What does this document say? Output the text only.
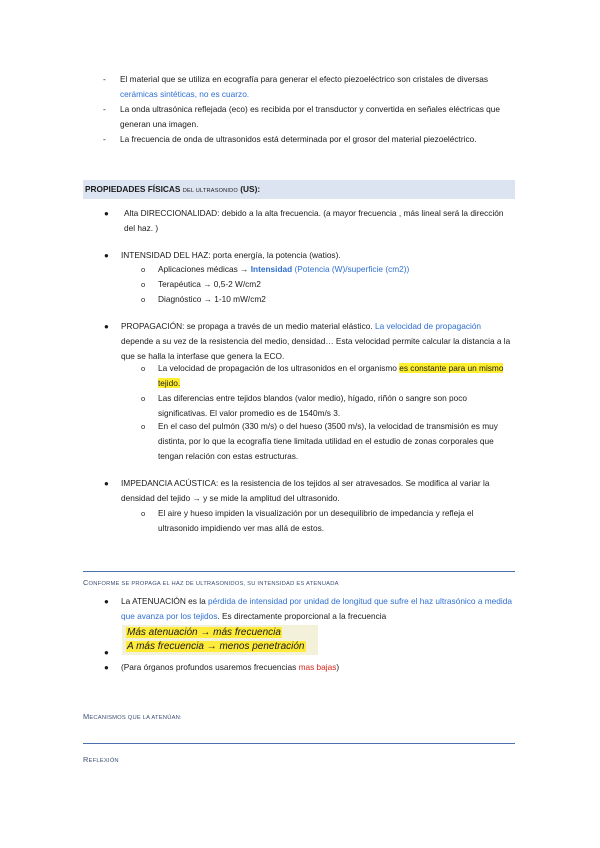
- El material que se utiliza en ecografía para generar el efecto piezoeléctrico son cristales de diversas cerámicas sintéticas, no es cuarzo.
- La onda ultrasónica reflejada (eco) es recibida por el transductor y convertida en señales eléctricas que generan una imagen.
- La frecuencia de onda de ultrasonidos está determinada por el grosor del material piezoeléctrico.
PROPIEDADES FÍSICAS DEL ULTRASONIDO (US):
●	Alta DIRECCIONALIDAD: debido a la alta frecuencia. (a mayor frecuencia , más lineal será la dirección del haz. )
●	INTENSIDAD DEL HAZ: porta energía, la potencia (watios).
o	Aplicaciones médicas → Intensidad (Potencia (W)/superficie (cm2))
o	Terapéutica → 0,5-2 W/cm2
o	Diagnóstico → 1-10 mW/cm2
●	PROPAGACIÓN: se propaga a través de un medio material elástico. La velocidad de propagación depende a su vez de la resistencia del medio, densidad… Esta velocidad permite calcular la distancia a la que se halla la interfase que genera la ECO.
o	La velocidad de propagación de los ultrasonidos en el organismo es constante para un mismo tejido.
o	Las diferencias entre tejidos blandos (valor medio), hígado, riñón o sangre son poco significativas. El valor promedio es de 1540m/s 3.
o	En el caso del pulmón (330 m/s) o del hueso (3500 m/s), la velocidad de transmisión es muy distinta, por lo que la ecografía tiene limitada utilidad en el estudio de zonas corporales que tengan relación con estas estructuras.
●	IMPEDANCIA ACÚSTICA: es la resistencia de los tejidos al ser atravesados. Se modifica al variar la densidad del tejido → y se mide la amplitud del ultrasonido.
o	El aire y hueso impiden la visualización por un desequilibrio de impedancia y refleja el ultrasonido impidiendo ver mas allá de estos.
CONFORME SE PROPAGA EL HAZ DE ULTRASONIDOS, SU INTENSIDAD ES ATENUADA
●	La ATENUACIÓN es la pérdida de intensidad por unidad de longitud que sufre el haz ultrasónico a medida que avanza por los tejidos. Es directamente proporcional a la frecuencia
Más atenuación → más frecuencia
A más frecuencia → menos penetración
●
●	(Para órganos profundos usaremos frecuencias mas bajas)
MECANISMOS QUE LA ATENÚAN:
REFLEXIÓN
